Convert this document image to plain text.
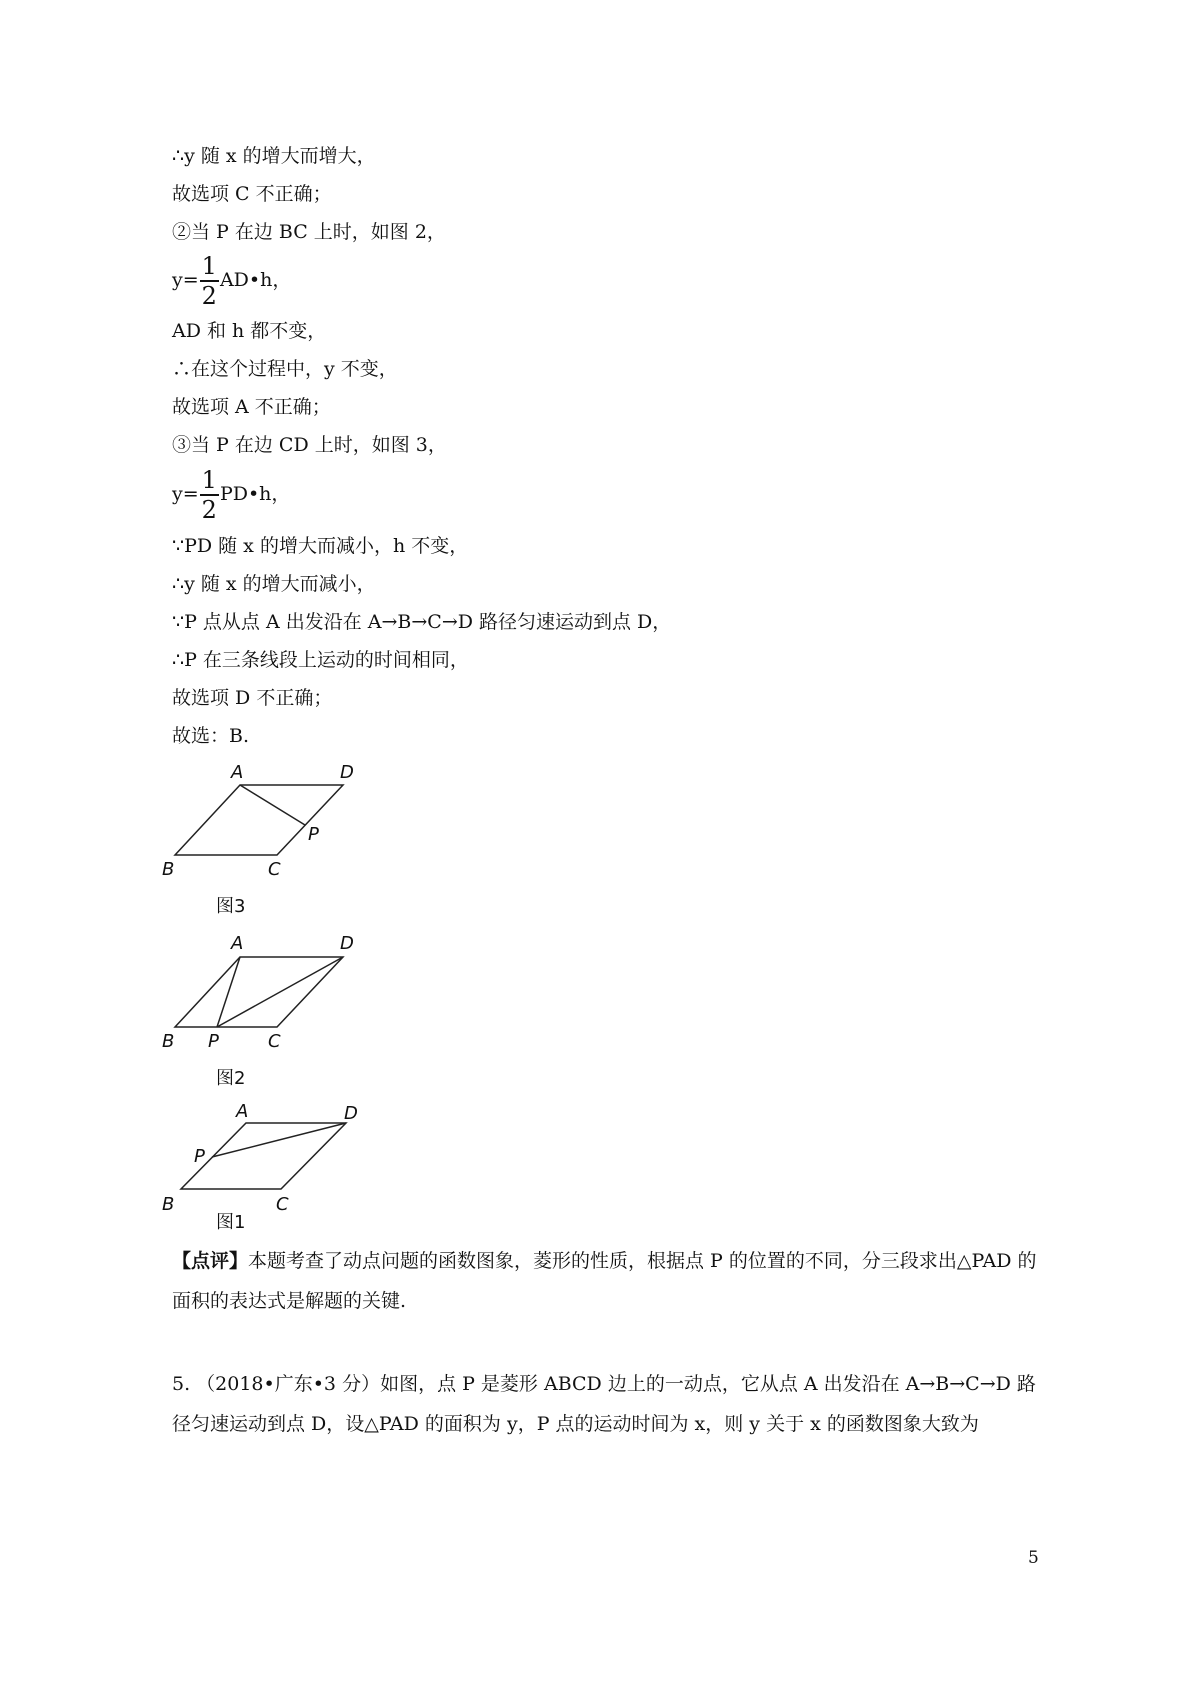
∴y 随 x 的增大而增大，
故选项 C 不正确；
②当 P 在边 BC 上时，如图 2，
$y= \frac{1}{2}$ AD•h，
AD 和 h 都不变，
∴在这个过程中，y 不变，
故选项 A 不正确；
③当 P 在边 CD 上时，如图 3，
$y= \frac{1}{2}$ PD•h，
∵PD 随 x 的增大而减小，h 不变，
∴y 随 x 的增大而减小，
∵P 点从点 A 出发沿在 A→B→C→D 路径匀速运动到点 D，
∴P 在三条线段上运动的时间相同，
故选项 D 不正确；
故选：B.
A	D
P
B	C
图3
A	D
B P	C
图2
A	D
P
B	C
图1
【点评】本题考查了动点问题的函数图象，菱形的性质，根据点 P 的位置的不同，分三段求出△PAD 的面积的表达式是解题的关键.
5. （2018•广东•3 分）如图，点 P 是菱形 ABCD 边上的一动点，它从点 A 出发沿在 A→B→C→D 路径匀速运动到点 D，设△PAD 的面积为 y，P 点的运动时间为 x，则 y 关于 x 的函数图象大致为
5
